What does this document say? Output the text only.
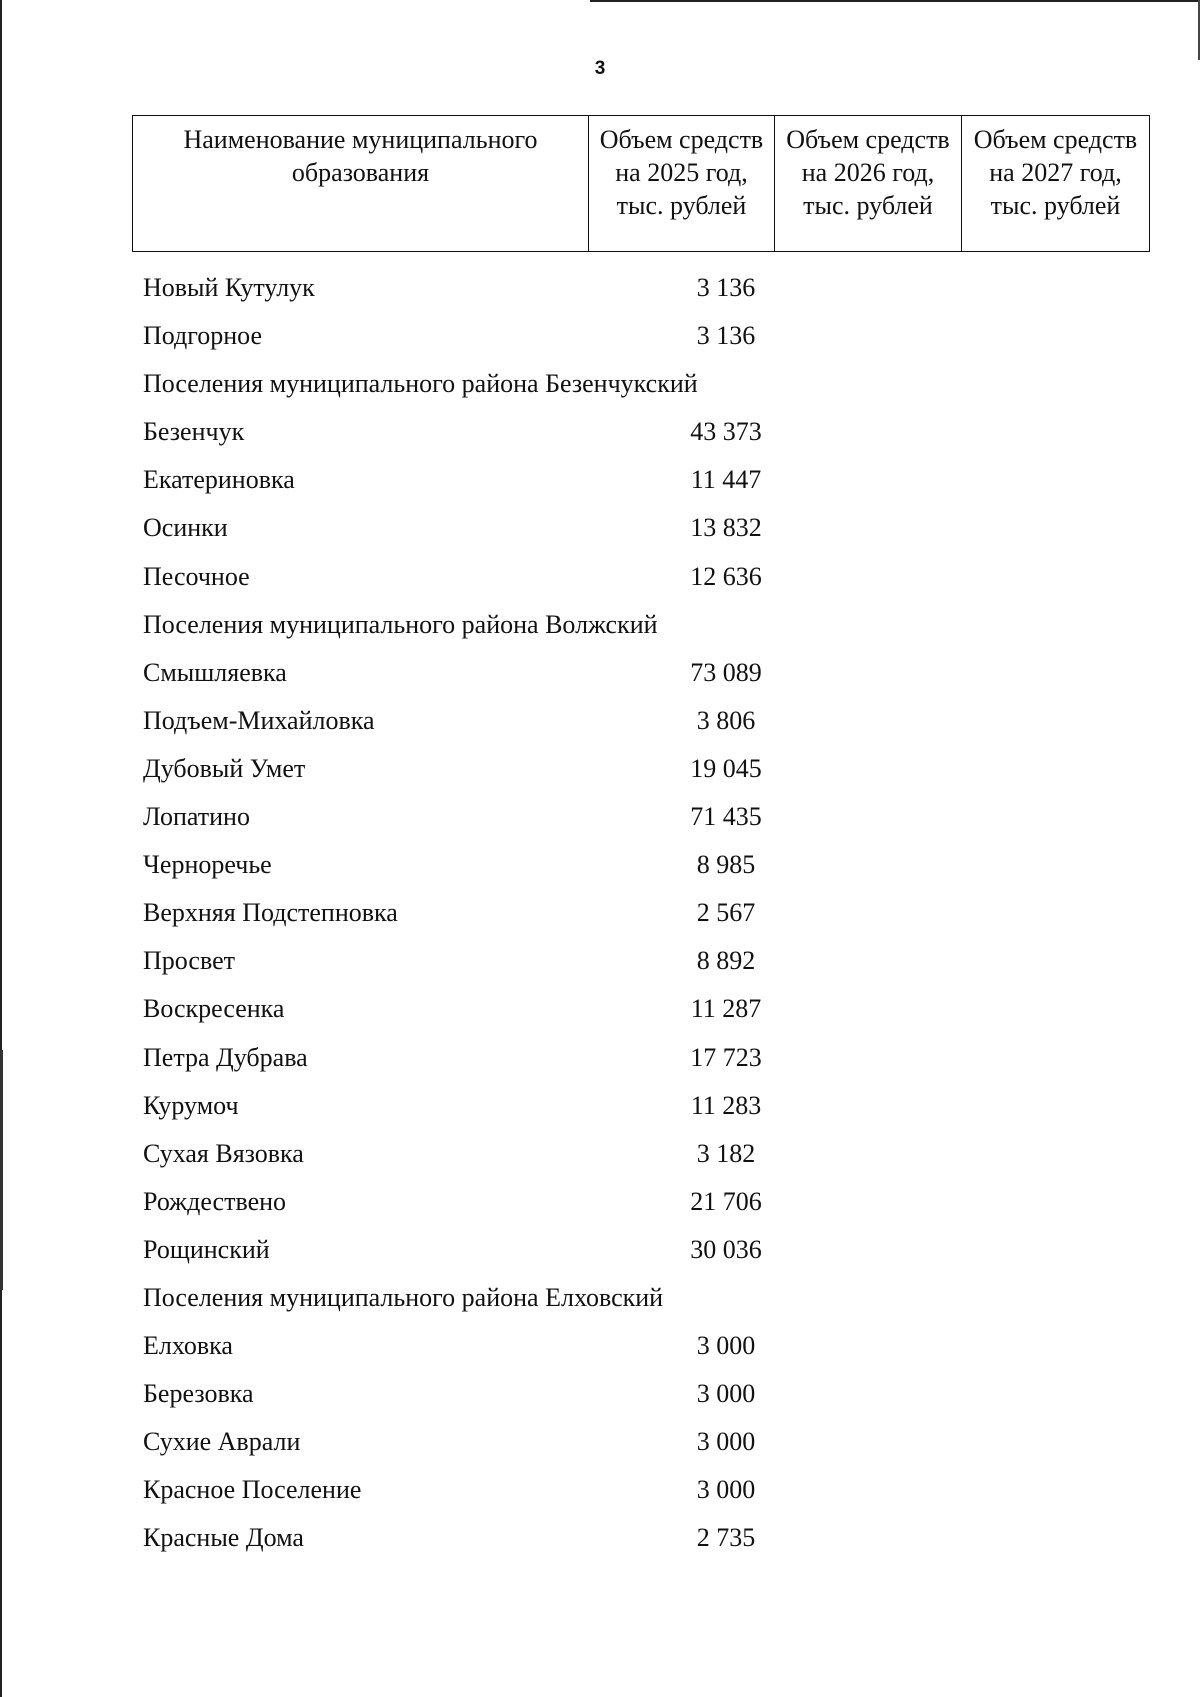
3
Наименование муниципального образования	Объем средств на 2025 год, тыс. рублей	Объем средств на 2026 год, тыс. рублей	Объем средств на 2027 год, тыс. рублей
Новый Кутулук	3 136
Подгорное	3 136
Поселения муниципального района Безенчукский
Безенчук	43 373
Екатериновка	11 447
Осинки	13 832
Песочное	12 636
Поселения муниципального района Волжский
Смышляевка	73 089
Подъем-Михайловка	3 806
Дубовый Умет	19 045
Лопатино	71 435
Черноречье	8 985
Верхняя Подстепновка	2 567
Просвет	8 892
Воскресенка	11 287
Петра Дубрава	17 723
Курумоч	11 283
Сухая Вязовка	3 182
Рождествено	21 706
Рощинский	30 036
Поселения муниципального района Елховский
Елховка	3 000
Березовка	3 000
Сухие Аврали	3 000
Красное Поселение	3 000
Красные Дома	2 735
